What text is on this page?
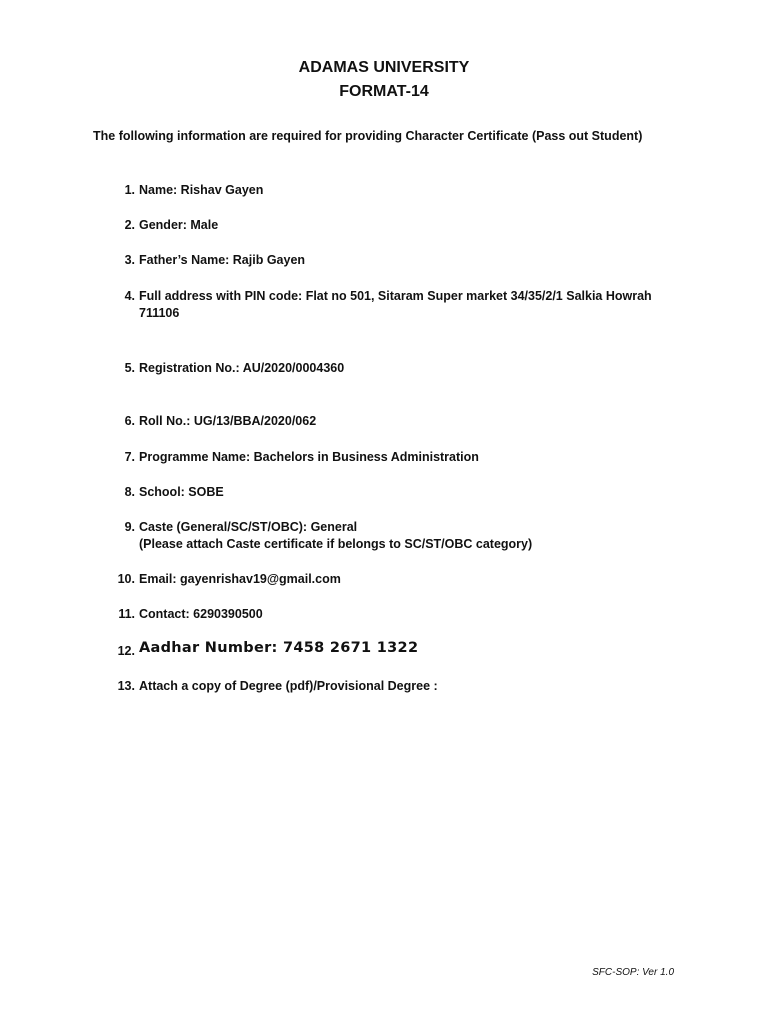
ADAMAS UNIVERSITY
FORMAT-14
The following information are required for providing Character Certificate (Pass out Student)
1. Name: Rishav Gayen
2. Gender: Male
3. Father’s Name: Rajib Gayen
4. Full address with PIN code: Flat no 501, Sitaram Super market 34/35/2/1 Salkia Howrah
711106
5. Registration No.: AU/2020/0004360
6. Roll No.: UG/13/BBA/2020/062
7. Programme Name: Bachelors in Business Administration
8. School: SOBE
9. Caste (General/SC/ST/OBC): General
(Please attach Caste certificate if belongs to SC/ST/OBC category)
10. Email: gayenrishav19@gmail.com
11. Contact: 6290390500
12. Aadhar Number: 7458 2671 1322
13. Attach a copy of Degree (pdf)/Provisional Degree :
SFC-SOP: Ver 1.0
